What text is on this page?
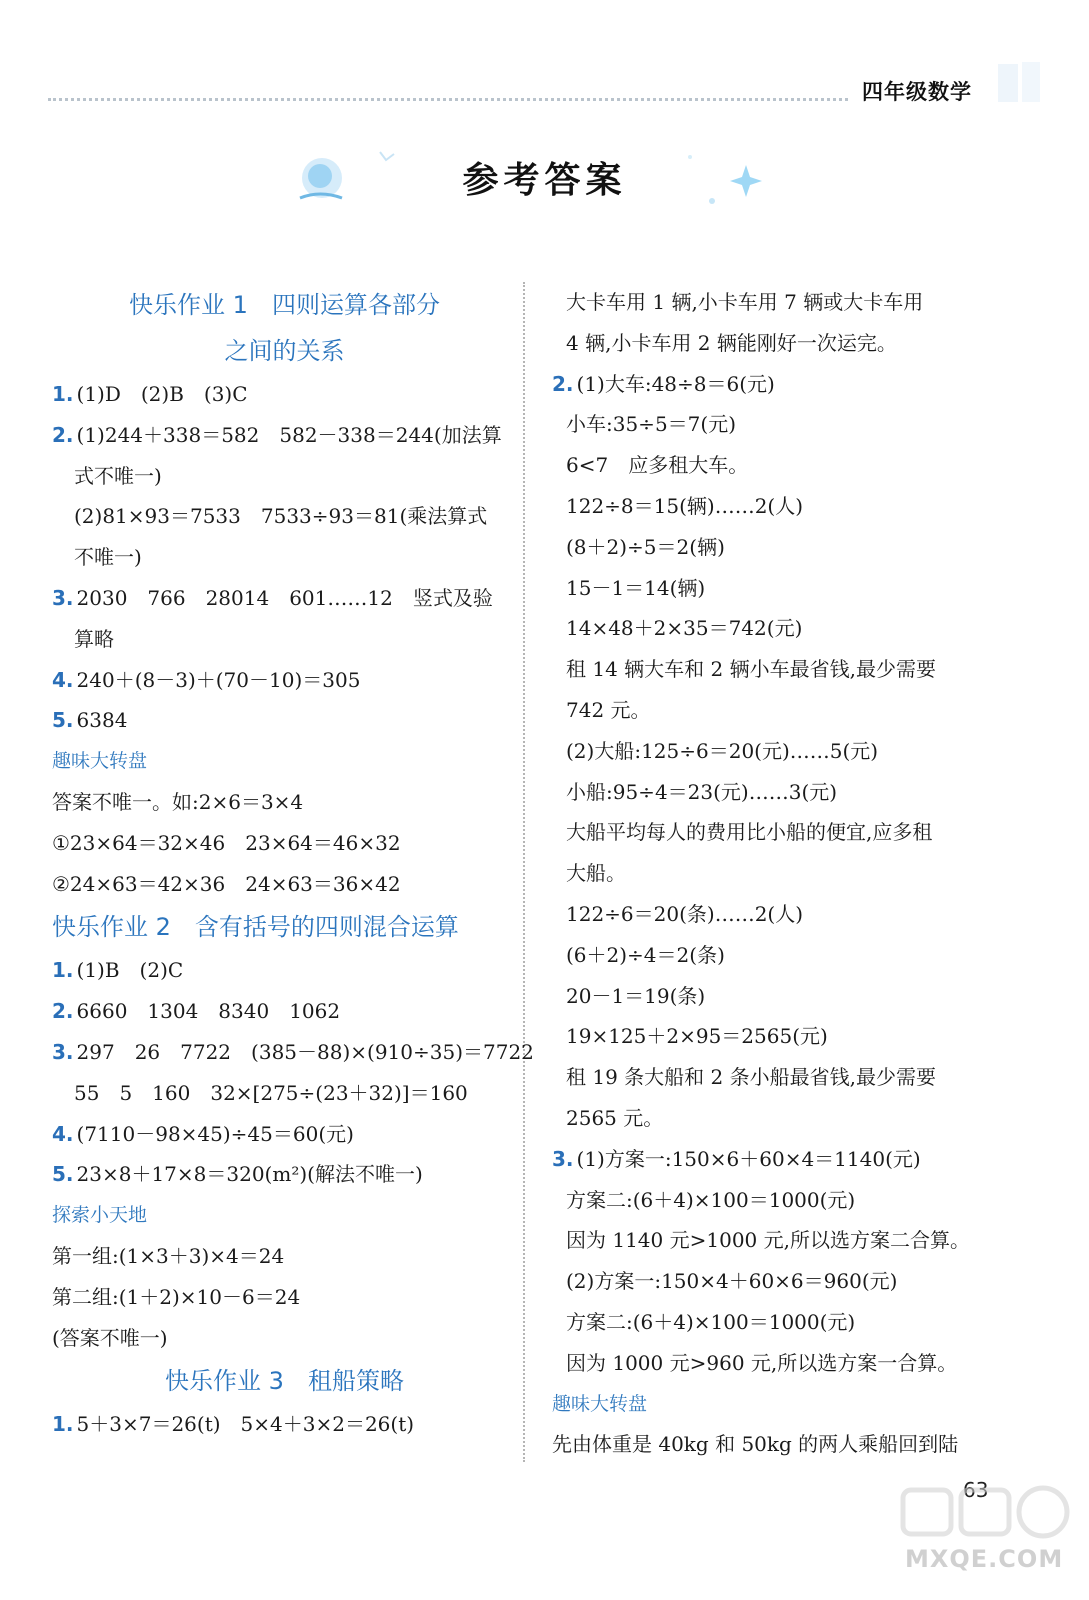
四年级数学
参考答案
快乐作业 1　四则运算各部分
之间的关系
1. (1)D　(2)B　(3)C
2. (1)244＋338＝582　582－338＝244(加法算
式不唯一)
(2)81×93＝7533　7533÷93＝81(乘法算式
不唯一)
3. 2030　766　28014　601……12　竖式及验
算略
4. 240＋(8－3)＋(70－10)＝305
5. 6384
趣味大转盘
答案不唯一。如:2×6＝3×4
①23×64＝32×46　23×64＝46×32
②24×63＝42×36　24×63＝36×42
快乐作业 2　含有括号的四则混合运算
1. (1)B　(2)C
2. 6660　1304　8340　1062
3. 297　26　7722　(385－88)×(910÷35)＝7722
55　5　160　32×[275÷(23＋32)]＝160
4. (7110－98×45)÷45＝60(元)
5. 23×8＋17×8＝320(m²)(解法不唯一)
探索小天地
第一组:(1×3＋3)×4＝24
第二组:(1＋2)×10－6＝24
(答案不唯一)
快乐作业 3　租船策略
1. 5＋3×7＝26(t)　5×4＋3×2＝26(t)
大卡车用 1 辆,小卡车用 7 辆或大卡车用
4 辆,小卡车用 2 辆能刚好一次运完。
2. (1)大车:48÷8＝6(元)
小车:35÷5＝7(元)
6<7　应多租大车。
122÷8＝15(辆)……2(人)
(8＋2)÷5＝2(辆)
15－1＝14(辆)
14×48＋2×35＝742(元)
租 14 辆大车和 2 辆小车最省钱,最少需要
742 元。
(2)大船:125÷6＝20(元)……5(元)
小船:95÷4＝23(元)……3(元)
大船平均每人的费用比小船的便宜,应多租
大船。
122÷6＝20(条)……2(人)
(6＋2)÷4＝2(条)
20－1＝19(条)
19×125＋2×95＝2565(元)
租 19 条大船和 2 条小船最省钱,最少需要
2565 元。
3. (1)方案一:150×6＋60×4＝1140(元)
方案二:(6＋4)×100＝1000(元)
因为 1140 元>1000 元,所以选方案二合算。
(2)方案一:150×4＋60×6＝960(元)
方案二:(6＋4)×100＝1000(元)
因为 1000 元>960 元,所以选方案一合算。
趣味大转盘
先由体重是 40kg 和 50kg 的两人乘船回到陆
63
MXQE.COM
